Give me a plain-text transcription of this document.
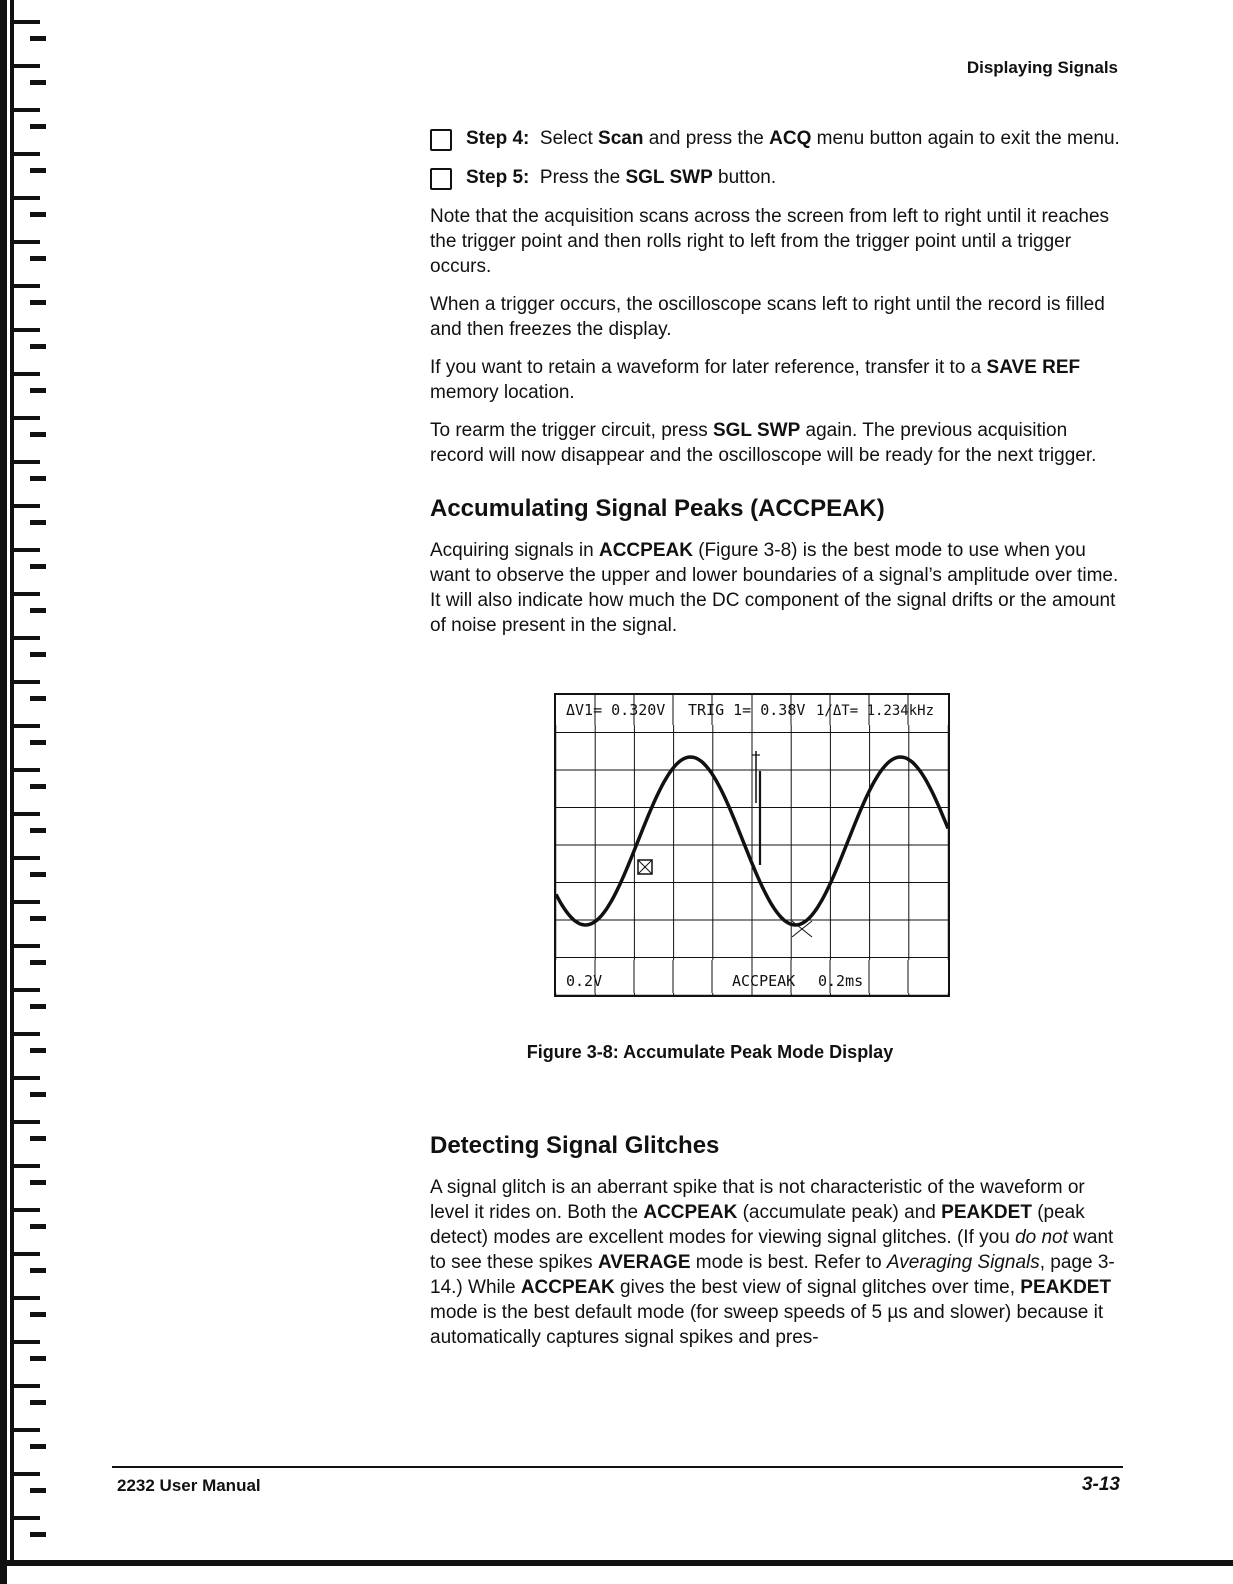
Displaying Signals
Step 4: Select Scan and press the ACQ menu button again to exit the menu.
Step 5: Press the SGL SWP button.

Note that the acquisition scans across the screen from left to right until it reaches the trigger point and then rolls right to left from the trigger point until a trigger occurs.

When a trigger occurs, the oscilloscope scans left to right until the record is filled and then freezes the display.

If you want to retain a waveform for later reference, transfer it to a SAVE REF memory location.

To rearm the trigger circuit, press SGL SWP again. The previous acquisition record will now disappear and the oscilloscope will be ready for the next trigger.

Accumulating Signal Peaks (ACCPEAK)

Acquiring signals in ACCPEAK (Figure 3-8) is the best mode to use when you want to observe the upper and lower boundaries of a signal’s amplitude over time. It will also indicate how much the DC component of the signal drifts or the amount of noise present in the signal.

ΔV1= 0.320V TRIG 1= 0.38V 1/ΔT= 1.234kHz
0.2V	ACCPEAK 0.2ms
Figure 3-8: Accumulate Peak Mode Display
Detecting Signal Glitches

A signal glitch is an aberrant spike that is not characteristic of the waveform or level it rides on. Both the ACCPEAK (accumulate peak) and PEAKDET (peak detect) modes are excellent modes for viewing signal glitches. (If you do not want to see these spikes AVERAGE mode is best. Refer to Averaging Signals, page 3-14.) While ACCPEAK gives the best view of signal glitches over time, PEAKDET mode is the best default mode (for sweep speeds of 5 µs and slower) because it automatically captures signal spikes and pres-

2232 User Manual	3-13
